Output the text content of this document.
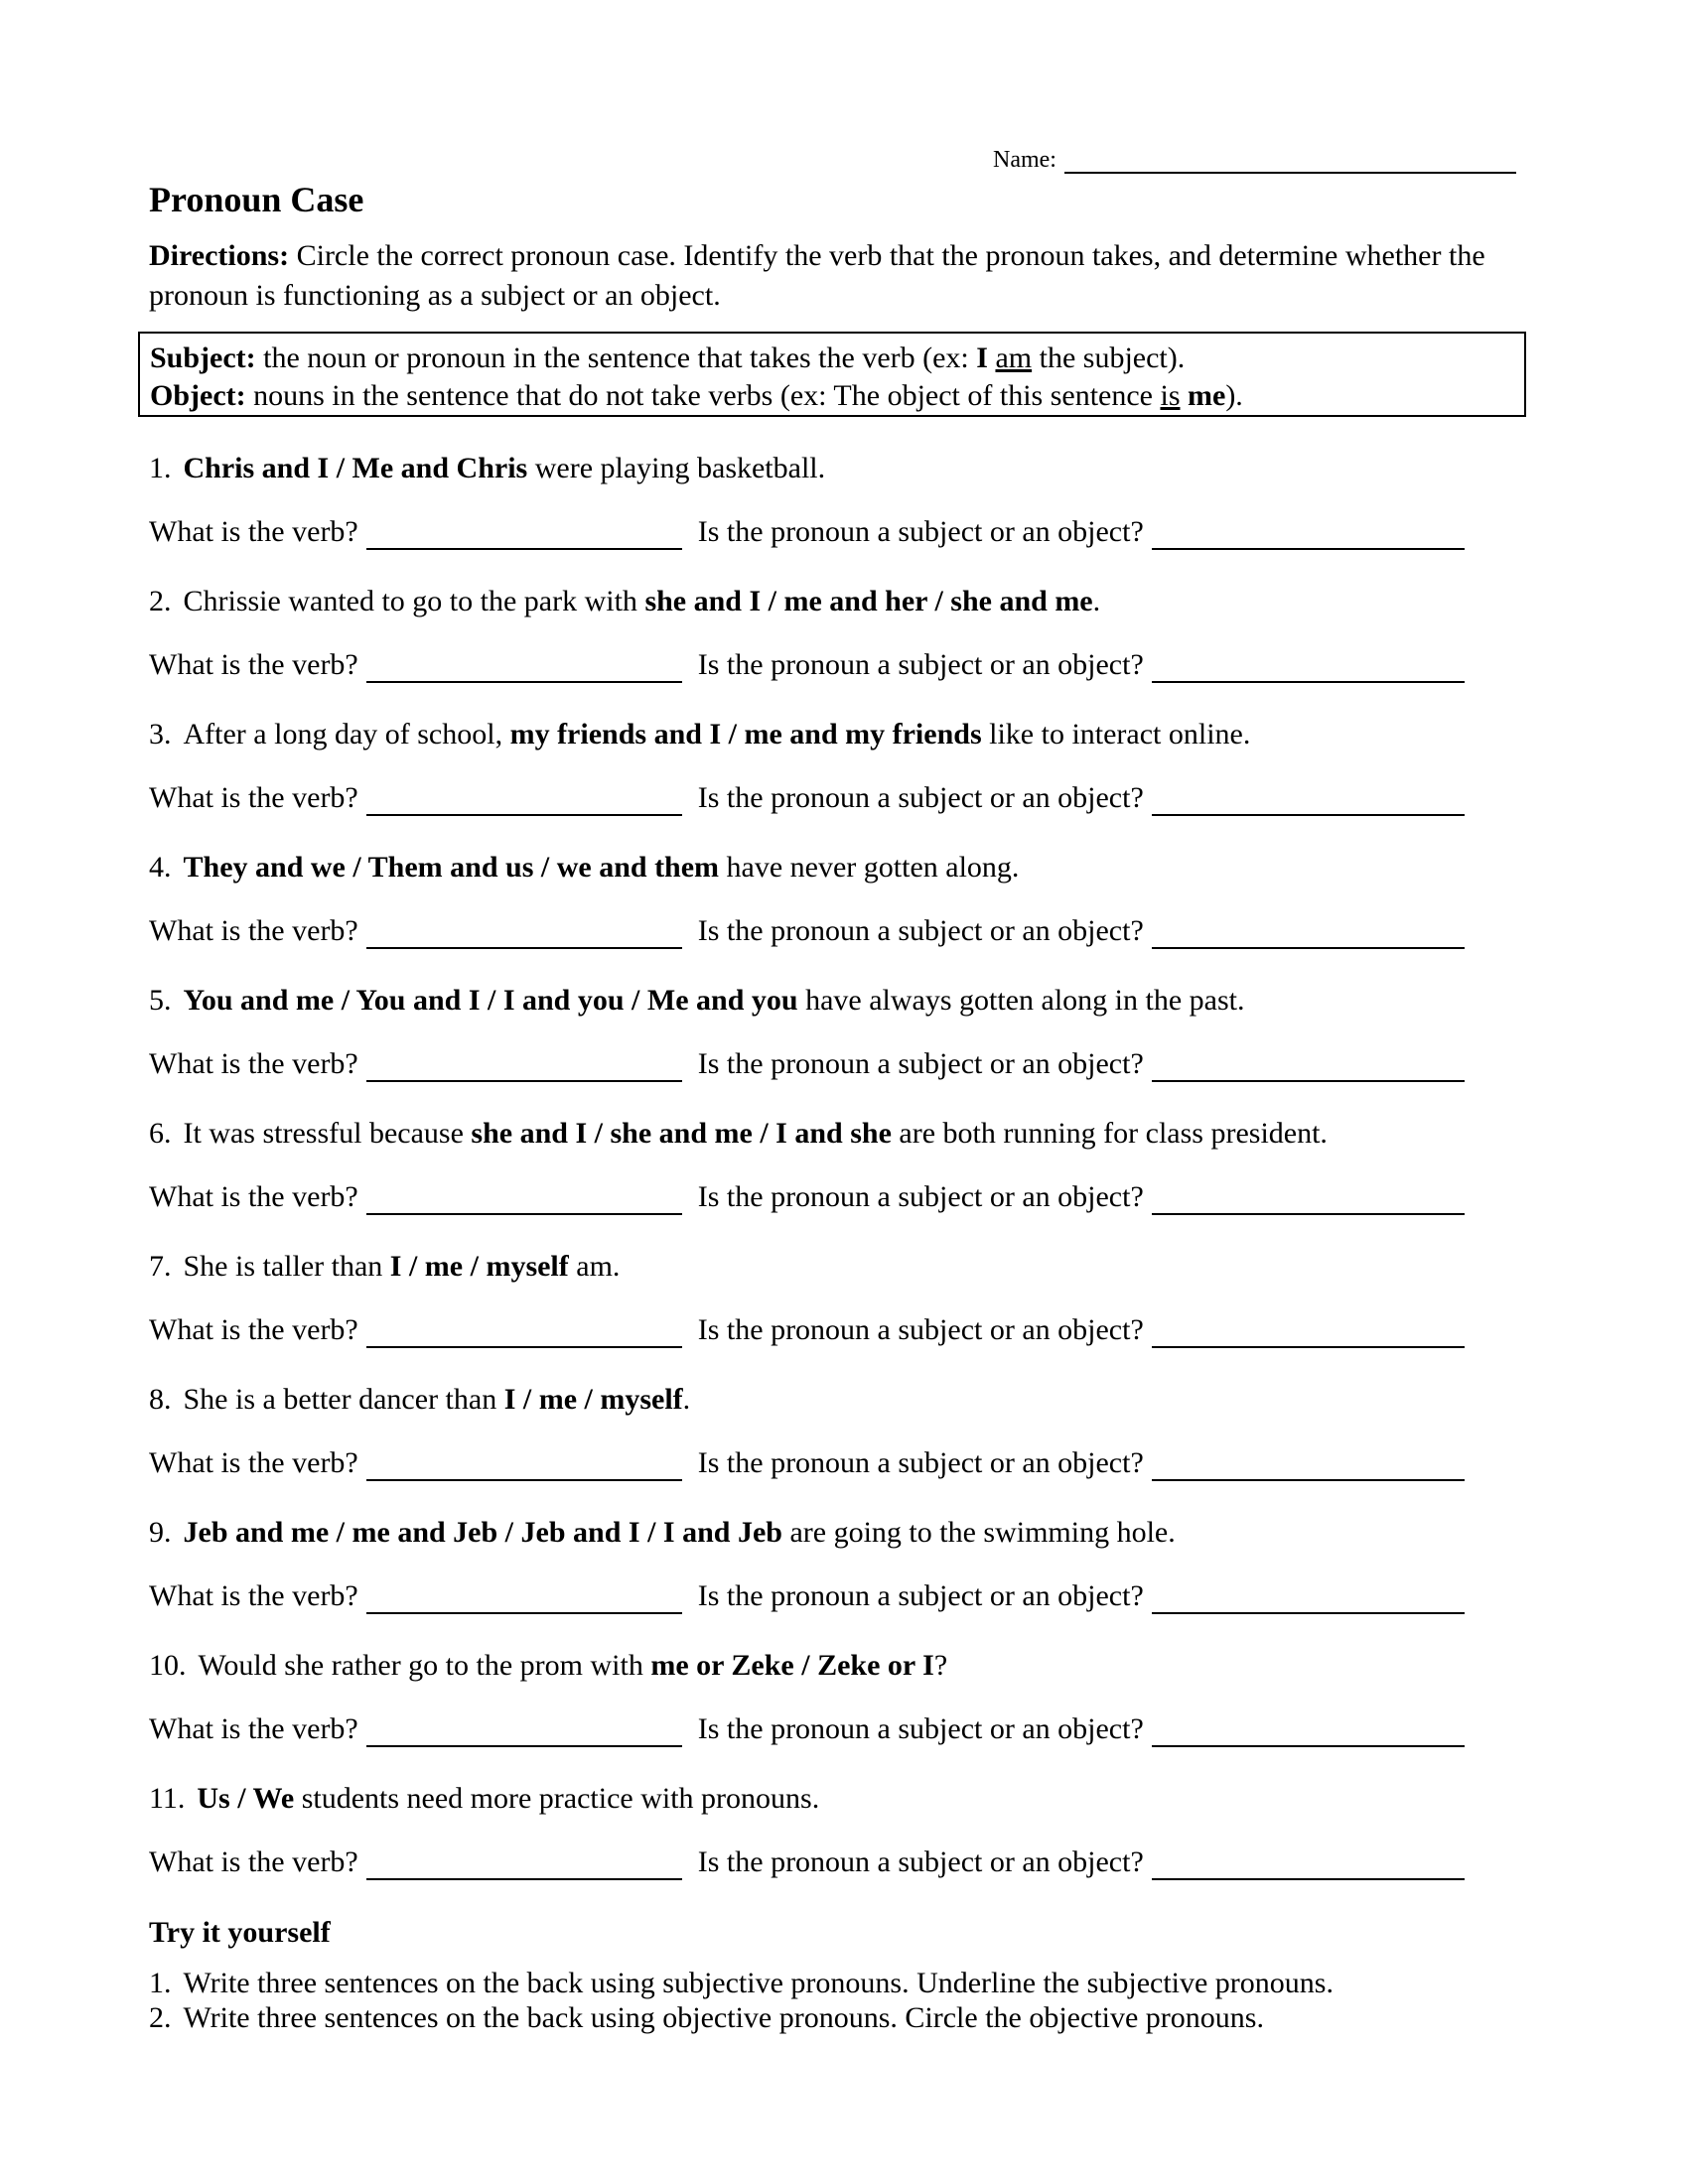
Name:
Pronoun Case
Directions: Circle the correct pronoun case. Identify the verb that the pronoun takes, and determine whether the pronoun is functioning as a subject or an object.
Subject: the noun or pronoun in the sentence that takes the verb (ex: I am the subject).
Object: nouns in the sentence that do not take verbs (ex: The object of this sentence is me).
1. Chris and I / Me and Chris were playing basketball.
What is the verb?	Is the pronoun a subject or an object?
2. Chrissie wanted to go to the park with she and I / me and her / she and me.
What is the verb?	Is the pronoun a subject or an object?
3. After a long day of school, my friends and I / me and my friends like to interact online.
What is the verb?	Is the pronoun a subject or an object?
4. They and we / Them and us / we and them have never gotten along.
What is the verb?	Is the pronoun a subject or an object?
5. You and me / You and I / I and you / Me and you have always gotten along in the past.
What is the verb?	Is the pronoun a subject or an object?
6. It was stressful because she and I / she and me / I and she are both running for class president.
What is the verb?	Is the pronoun a subject or an object?
7. She is taller than I / me / myself am.
What is the verb?	Is the pronoun a subject or an object?
8. She is a better dancer than I / me / myself.
What is the verb?	Is the pronoun a subject or an object?
9. Jeb and me / me and Jeb / Jeb and I / I and Jeb are going to the swimming hole.
What is the verb?	Is the pronoun a subject or an object?
10. Would she rather go to the prom with me or Zeke / Zeke or I?
What is the verb?	Is the pronoun a subject or an object?
11. Us / We students need more practice with pronouns.
What is the verb?	Is the pronoun a subject or an object?
Try it yourself
1. Write three sentences on the back using subjective pronouns. Underline the subjective pronouns.
2. Write three sentences on the back using objective pronouns. Circle the objective pronouns.
